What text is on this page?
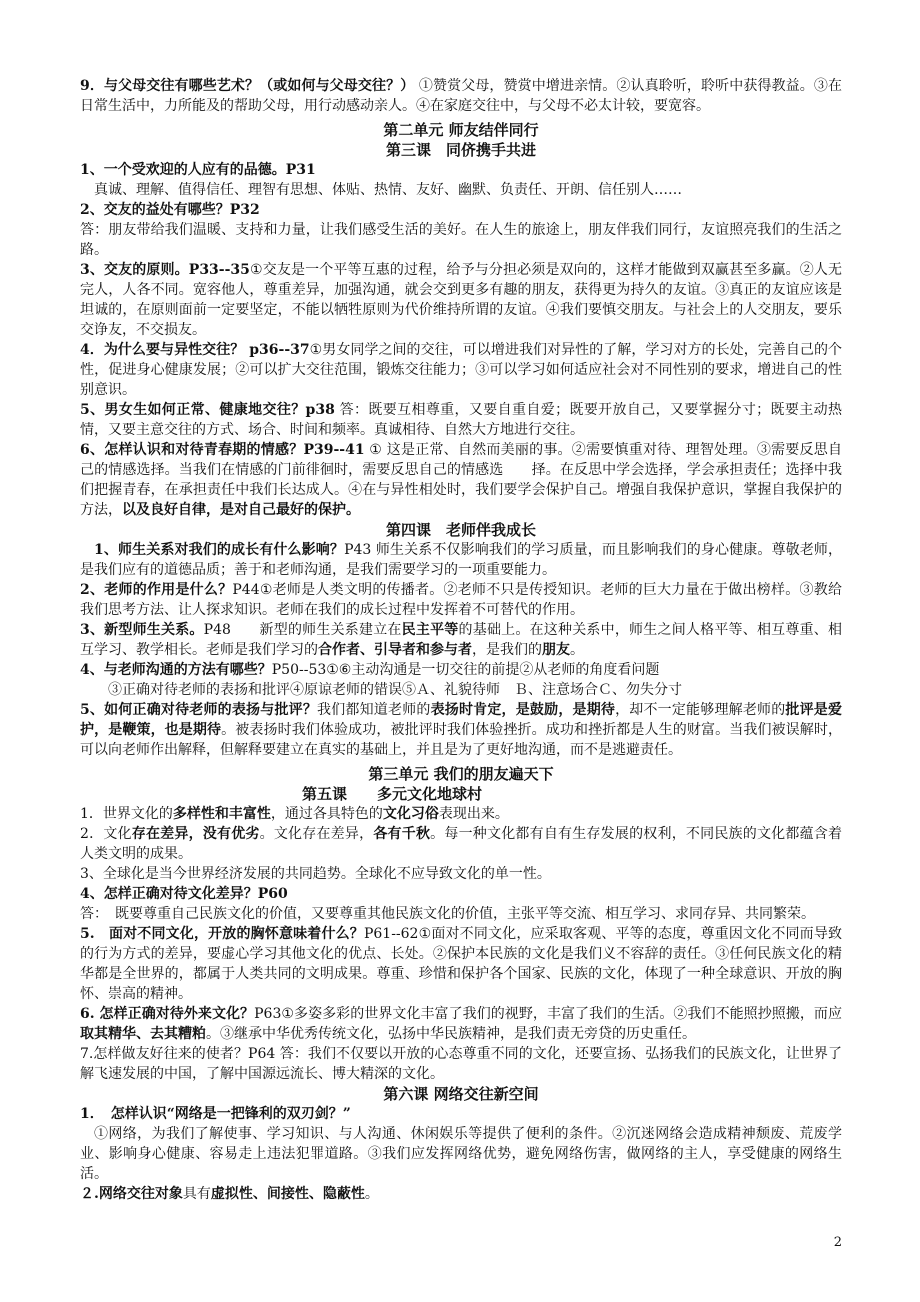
9．与父母交往有哪些艺术？（或如何与父母交往？） ①赞赏父母，赞赏中增进亲情。②认真聆听，聆听中获得教益。③在日常生活中，力所能及的帮助父母，用行动感动亲人。④在家庭交往中，与父母不必太计较，要宽容。

第二单元 师友结伴同行

第三课　同侪携手共进

1、一个受欢迎的人应有的品德。P31

真诚、理解、值得信任、理智有思想、体贴、热情、友好、幽默、负责任、开朗、信任别人……

2、交友的益处有哪些？P32

答：朋友带给我们温暖、支持和力量，让我们感受生活的美好。在人生的旅途上，朋友伴我们同行，友谊照亮我们的生活之路。

3、交友的原则。P33--35①交友是一个平等互惠的过程，给予与分担必须是双向的，这样才能做到双赢甚至多赢。②人无完人，人各不同。宽容他人，尊重差异，加强沟通，就会交到更多有趣的朋友，获得更为持久的友谊。③真正的友谊应该是坦诚的，在原则面前一定要坚定，不能以牺牲原则为代价维持所谓的友谊。④我们要慎交朋友。与社会上的人交朋友，要乐交诤友，不交损友。

4．为什么要与异性交往？ p36--37①男女同学之间的交往，可以增进我们对异性的了解，学习对方的长处，完善自己的个性，促进身心健康发展；②可以扩大交往范围，锻炼交往能力；③可以学习如何适应社会对不同性别的要求，增进自己的性别意识。

5、男女生如何正常、健康地交往？p38 答：既要互相尊重，又要自重自爱；既要开放自己，又要掌握分寸；既要主动热情，又要主意交往的方式、场合、时间和频率。真诚相待、自然大方地进行交往。

6、怎样认识和对待青春期的情感？P39--41 ① 这是正常、自然而美丽的事。②需要慎重对待、理智处理。③需要反思自己的情感选择。当我们在情感的门前徘徊时，需要反思自己的情感选　　择。在反思中学会选择，学会承担责任；选择中我们把握青春，在承担责任中我们长达成人。④在与异性相处时，我们要学会保护自己。增强自我保护意识，掌握自我保护的方法，以及良好自律，是对自己最好的保护。

第四课　老师伴我成长

1、师生关系对我们的成长有什么影响？P43 师生关系不仅影响我们的学习质量，而且影响我们的身心健康。尊敬老师，是我们应有的道德品质；善于和老师沟通，是我们需要学习的一项重要能力。

2、老师的作用是什么？P44①老师是人类文明的传播者。②老师不只是传授知识。老师的巨大力量在于做出榜样。③教给我们思考方法、让人探求知识。老师在我们的成长过程中发挥着不可替代的作用。

3、新型师生关系。P48　　新型的师生关系建立在民主平等的基础上。在这种关系中，师生之间人格平等、相互尊重、相互学习、教学相长。老师是我们学习的合作者、引导者和参与者，是我们的朋友。

4、与老师沟通的方法有哪些？P50--53①⑥主动沟通是一切交往的前提②从老师的角度看问题

③正确对待老师的表扬和批评④原谅老师的错误⑤Ａ、礼貌待师　Ｂ、注意场合Ｃ、勿失分寸

5、如何正确对待老师的表扬与批评？我们都知道老师的表扬时肯定，是鼓励，是期待，却不一定能够理解老师的批评是爱护，是鞭策，也是期待。被表扬时我们体验成功，被批评时我们体验挫折。成功和挫折都是人生的财富。当我们被误解时，可以向老师作出解释，但解释要建立在真实的基础上，并且是为了更好地沟通，而不是逃避责任。

第三单元 我们的朋友遍天下

第五课　　多元文化地球村

1．世界文化的多样性和丰富性，通过各具特色的文化习俗表现出来。

2．文化存在差异，没有优劣。文化存在差异，各有千秋。每一种文化都有自有生存发展的权利，不同民族的文化都蕴含着人类文明的成果。

3、全球化是当今世界经济发展的共同趋势。全球化不应导致文化的单一性。

4、怎样正确对待文化差异？P60

答：　既要尊重自己民族文化的价值，又要尊重其他民族文化的价值，主张平等交流、相互学习、求同存异、共同繁荣。

5.　面对不同文化，开放的胸怀意味着什么？P61--62①面对不同文化，应采取客观、平等的态度，尊重因文化不同而导致的行为方式的差异，要虚心学习其他文化的优点、长处。②保护本民族的文化是我们义不容辞的责任。③任何民族文化的精华都是全世界的，都属于人类共同的文明成果。尊重、珍惜和保护各个国家、民族的文化，体现了一种全球意识、开放的胸怀、崇高的精神。

6. 怎样正确对待外来文化？P63①多姿多彩的世界文化丰富了我们的视野，丰富了我们的生活。②我们不能照抄照搬，而应取其精华、去其糟粕。③继承中华优秀传统文化，弘扬中华民族精神，是我们责无旁贷的历史重任。

7.怎样做友好往来的使者？P64 答：我们不仅要以开放的心态尊重不同的文化，还要宣扬、弘扬我们的民族文化，让世界了解飞速发展的中国，了解中国源远流长、博大精深的文化。

第六课 网络交往新空间

1．　怎样认识“网络是一把锋利的双刃剑？”

①网络，为我们了解使事、学习知识、与人沟通、休闲娱乐等提供了便利的条件。②沉迷网络会造成精神颓废、荒废学业、影响身心健康、容易走上违法犯罪道路。③我们应发挥网络优势，避免网络伤害，做网络的主人，享受健康的网络生活。

２.网络交往对象具有虚拟性、间接性、隐蔽性。

2
